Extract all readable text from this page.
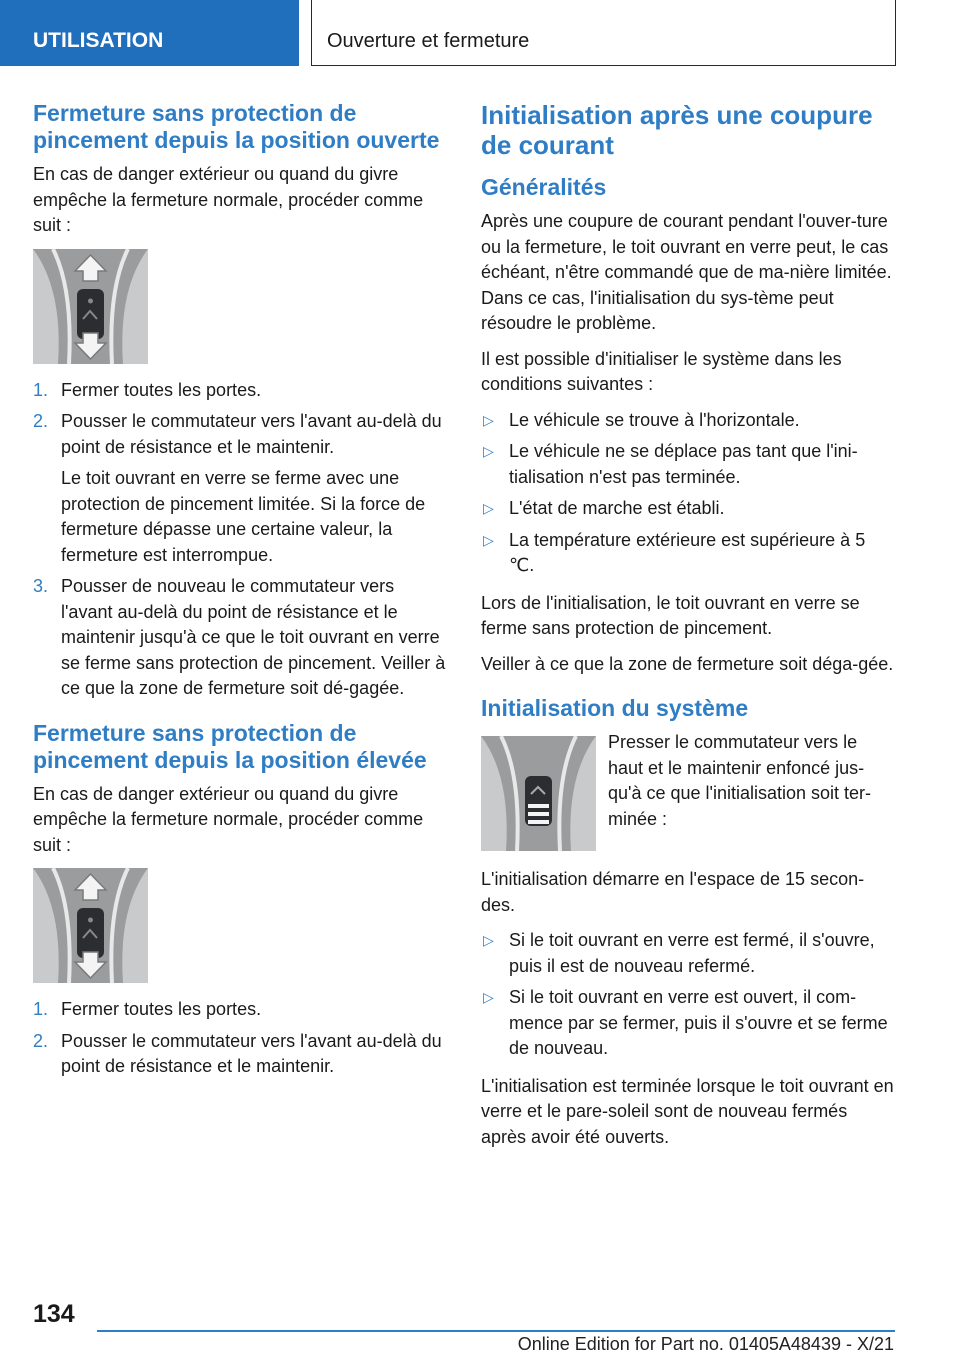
UTILISATION	Ouverture et fermeture
Fermeture sans protection de pincement depuis la position ouverte

En cas de danger extérieur ou quand du givre empêche la fermeture normale, procéder comme suit :

1. Fermer toutes les portes.
2. Pousser le commutateur vers l'avant au-delà du point de résistance et le maintenir.
Le toit ouvrant en verre se ferme avec une protection de pincement limitée. Si la force de fermeture dépasse une certaine valeur, la fermeture est interrompue.
3. Pousser de nouveau le commutateur vers l'avant au-delà du point de résistance et le maintenir jusqu'à ce que le toit ouvrant en verre se ferme sans protection de pincement. Veiller à ce que la zone de fermeture soit dé-gagée.
Fermeture sans protection de pincement depuis la position élevée

En cas de danger extérieur ou quand du givre empêche la fermeture normale, procéder comme suit :

1. Fermer toutes les portes.
2. Pousser le commutateur vers l'avant au-delà du point de résistance et le maintenir.
Initialisation après une coupure de courant
Généralités

Après une coupure de courant pendant l'ouver-ture ou la fermeture, le toit ouvrant en verre peut, le cas échéant, n'être commandé que de ma-nière limitée. Dans ce cas, l'initialisation du sys-tème peut résoudre le problème.

Il est possible d'initialiser le système dans les conditions suivantes :

▷ Le véhicule se trouve à l'horizontale.
▷ Le véhicule ne se déplace pas tant que l'ini-tialisation n'est pas terminée.
▷ L'état de marche est établi.
▷ La température extérieure est supérieure à 5 ℃.

Lors de l'initialisation, le toit ouvrant en verre se ferme sans protection de pincement.

Veiller à ce que la zone de fermeture soit déga-gée.

Initialisation du système

Presser le commutateur vers le haut et le maintenir enfoncé jus-qu'à ce que l'initialisation soit ter-minée :

L'initialisation démarre en l'espace de 15 secon-des.

▷ Si le toit ouvrant en verre est fermé, il s'ouvre, puis il est de nouveau refermé.
▷ Si le toit ouvrant en verre est ouvert, il com-mence par se fermer, puis il s'ouvre et se ferme de nouveau.

L'initialisation est terminée lorsque le toit ouvrant en verre et le pare-soleil sont de nouveau fermés après avoir été ouverts.

134
Online Edition for Part no. 01405A48439 - X/21
